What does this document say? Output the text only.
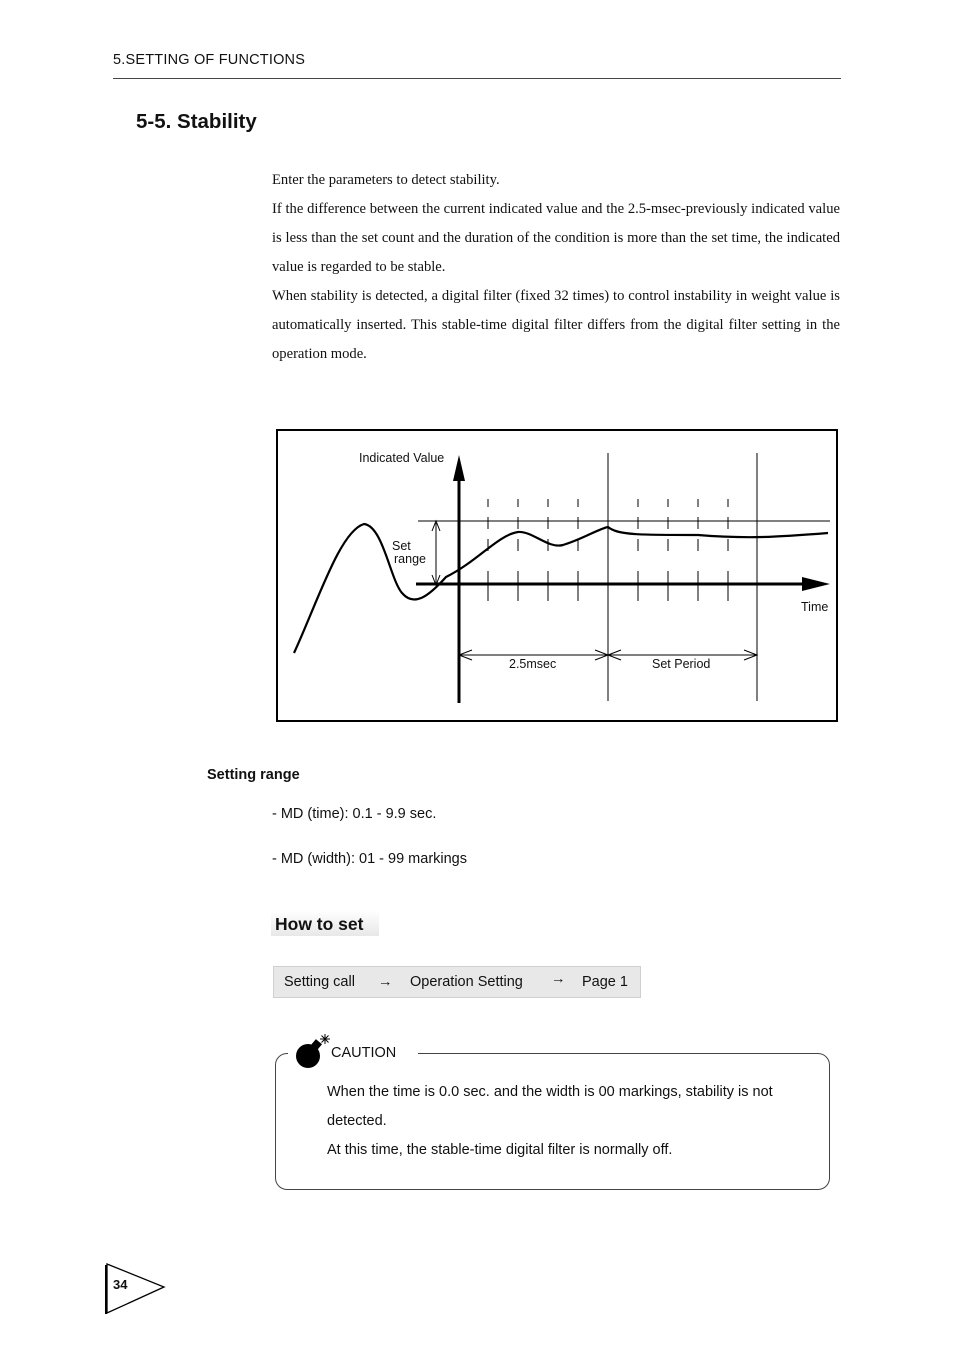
5.SETTING OF FUNCTIONS
5-5. Stability

Enter the parameters to detect stability.

If the difference between the current indicated value and the 2.5-msec-previously indicated value is less than the set count and the duration of the condition is more than the set time, the indicated value is regarded to be stable.

When stability is detected, a digital filter (fixed 32 times) to control instability in weight value is automatically inserted. This stable-time digital filter differs from the digital filter setting in the operation mode.

Indicated Value
Set
range
Time
2.5msec	Set Period
Setting range
- MD (time): 0.1 - 9.9 sec.
- MD (width): 01 - 99 markings
How to set
Setting call → Operation Setting → Page 1
CAUTION

When the time is 0.0 sec. and the width is 00 markings, stability is not detected.

At this time, the stable-time digital filter is normally off.

34
